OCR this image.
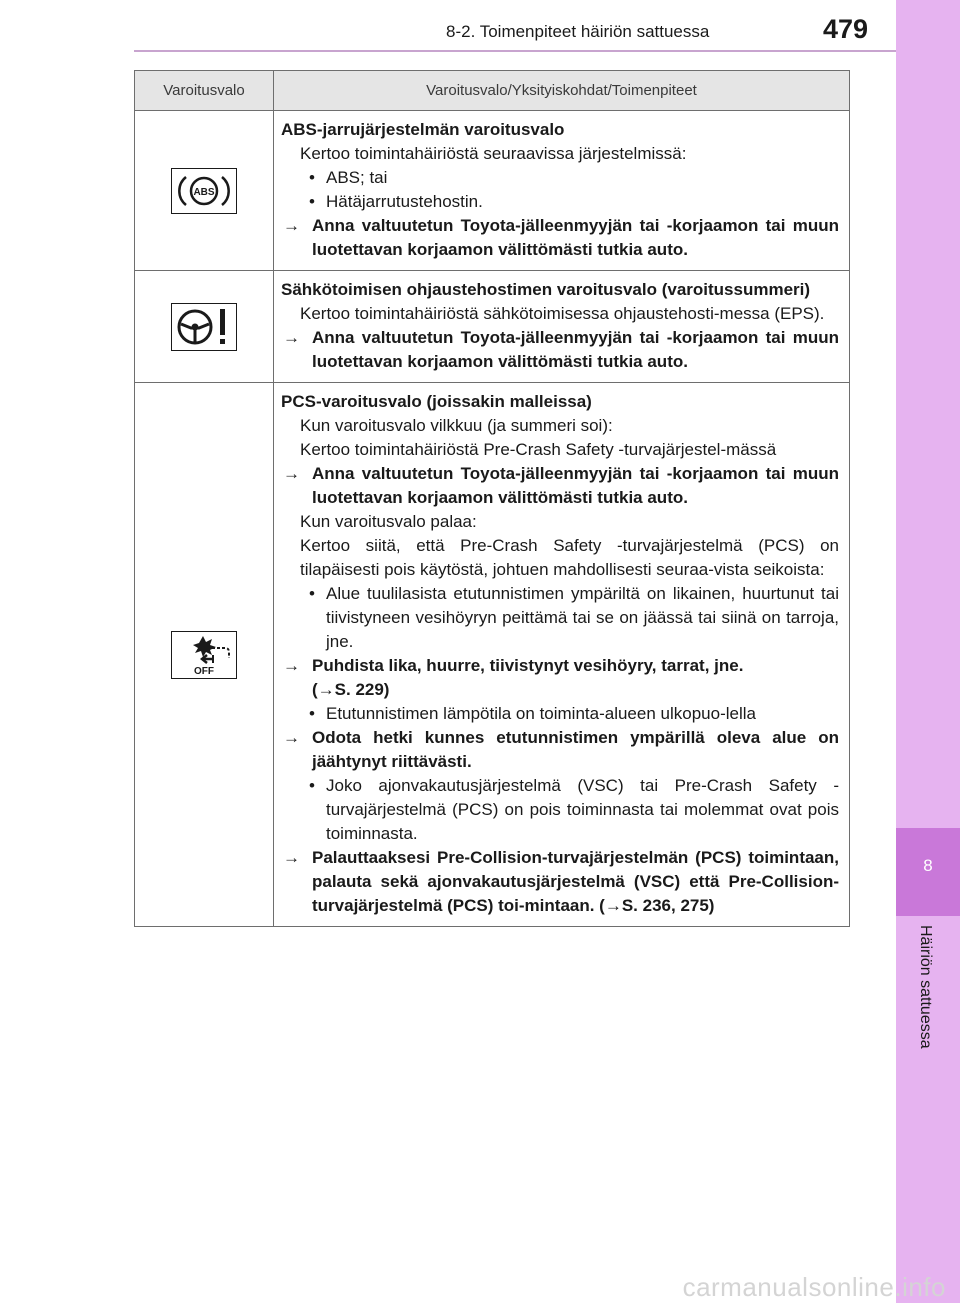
8-2. Toimenpiteet häiriön sattuessa	479
8
Häiriön sattuessa
Varoitusvalo	Varoitusvalo/Yksityiskohdat/Toimenpiteet
ABS
ABS-jarrujärjestelmän varoitusvalo
Kertoo toimintahäiriöstä seuraavissa järjestelmissä:
• ABS; tai
• Hätäjarrutustehostin.
→ Anna valtuutetun Toyota-jälleenmyyjän tai -korjaamon tai muun luotettavan korjaamon välittömästi tutkia auto.
Sähkötoimisen ohjaustehostimen varoitusvalo (varoitussummeri)
Kertoo toimintahäiriöstä sähkötoimisessa ohjaustehosti-messa (EPS).
→ Anna valtuutetun Toyota-jälleenmyyjän tai -korjaamon tai muun luotettavan korjaamon välittömästi tutkia auto.
OFF
PCS-varoitusvalo (joissakin malleissa)
Kun varoitusvalo vilkkuu (ja summeri soi):
Kertoo toimintahäiriöstä Pre-Crash Safety -turvajärjestel-mässä
→ Anna valtuutetun Toyota-jälleenmyyjän tai -korjaamon tai muun luotettavan korjaamon välittömästi tutkia auto.
Kun varoitusvalo palaa:
Kertoo siitä, että Pre-Crash Safety -turvajärjestelmä (PCS) on tilapäisesti pois käytöstä, johtuen mahdollisesti seuraa-vista seikoista:
• Alue tuulilasista etutunnistimen ympäriltä on likainen, huurtunut tai tiivistyneen vesihöyryn peittämä tai se on jäässä tai siinä on tarroja, jne.
→ Puhdista lika, huurre, tiivistynyt vesihöyry, tarrat, jne.
(→S. 229)
• Etutunnistimen lämpötila on toiminta-alueen ulkopuo-lella
→ Odota hetki kunnes etutunnistimen ympärillä oleva alue on jäähtynyt riittävästi.
• Joko ajonvakautusjärjestelmä (VSC) tai Pre-Crash Safety -turvajärjestelmä (PCS) on pois toiminnasta tai molemmat ovat pois toiminnasta.
→ Palauttaaksesi Pre-Collision-turvajärjestelmän (PCS) toimintaan, palauta sekä ajonvakautusjärjestelmä (VSC) että Pre-Collision-turvajärjestelmä (PCS) toi-mintaan. (→S. 236, 275)
carmanualsonline.info
